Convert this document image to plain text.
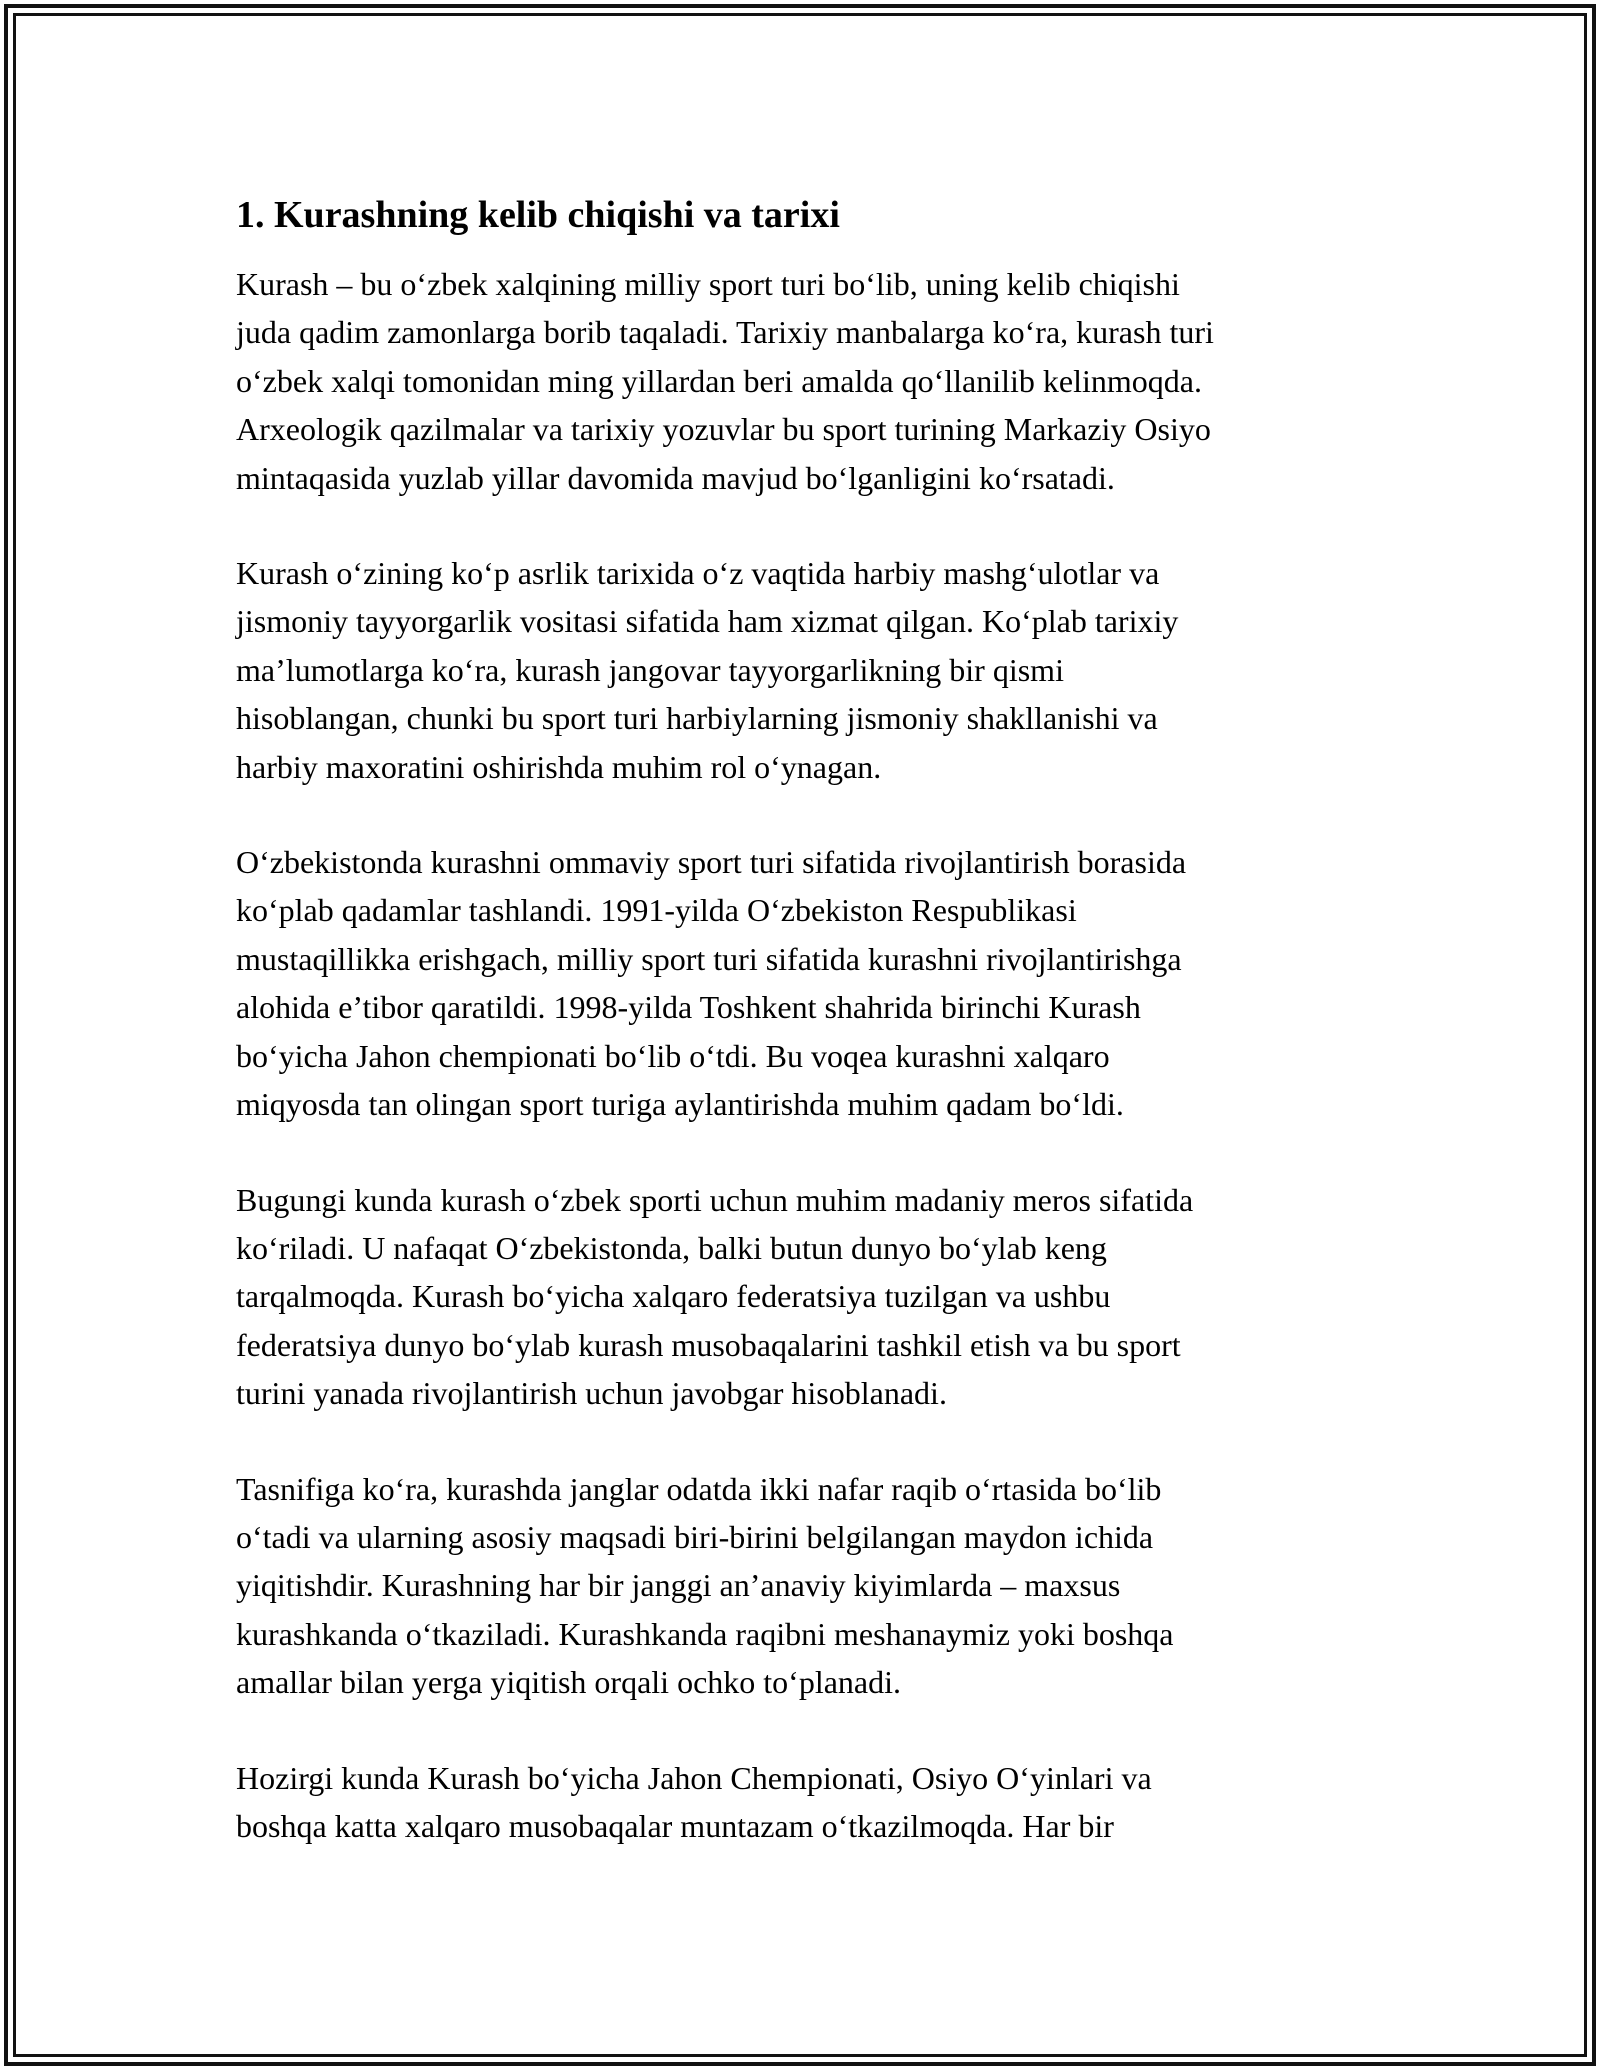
1. Kurashning kelib chiqishi va tarixi

Kurash – bu o‘zbek xalqining milliy sport turi bo‘lib, uning kelib chiqishi
juda qadim zamonlarga borib taqaladi. Tarixiy manbalarga ko‘ra, kurash turi
o‘zbek xalqi tomonidan ming yillardan beri amalda qo‘llanilib kelinmoqda.
Arxeologik qazilmalar va tarixiy yozuvlar bu sport turining Markaziy Osiyo
mintaqasida yuzlab yillar davomida mavjud bo‘lganligini ko‘rsatadi.

Kurash o‘zining ko‘p asrlik tarixida o‘z vaqtida harbiy mashg‘ulotlar va
jismoniy tayyorgarlik vositasi sifatida ham xizmat qilgan. Ko‘plab tarixiy
ma’lumotlarga ko‘ra, kurash jangovar tayyorgarlikning bir qismi
hisoblangan, chunki bu sport turi harbiylarning jismoniy shakllanishi va
harbiy maxoratini oshirishda muhim rol o‘ynagan.

O‘zbekistonda kurashni ommaviy sport turi sifatida rivojlantirish borasida
ko‘plab qadamlar tashlandi. 1991-yilda O‘zbekiston Respublikasi
mustaqillikka erishgach, milliy sport turi sifatida kurashni rivojlantirishga
alohida e’tibor qaratildi. 1998-yilda Toshkent shahrida birinchi Kurash
bo‘yicha Jahon chempionati bo‘lib o‘tdi. Bu voqea kurashni xalqaro
miqyosda tan olingan sport turiga aylantirishda muhim qadam bo‘ldi.

Bugungi kunda kurash o‘zbek sporti uchun muhim madaniy meros sifatida
ko‘riladi. U nafaqat O‘zbekistonda, balki butun dunyo bo‘ylab keng
tarqalmoqda. Kurash bo‘yicha xalqaro federatsiya tuzilgan va ushbu
federatsiya dunyo bo‘ylab kurash musobaqalarini tashkil etish va bu sport
turini yanada rivojlantirish uchun javobgar hisoblanadi.

Tasnifiga ko‘ra, kurashda janglar odatda ikki nafar raqib o‘rtasida bo‘lib
o‘tadi va ularning asosiy maqsadi biri-birini belgilangan maydon ichida
yiqitishdir. Kurashning har bir janggi an’anaviy kiyimlarda – maxsus
kurashkanda o‘tkaziladi. Kurashkanda raqibni meshanaymiz yoki boshqa
amallar bilan yerga yiqitish orqali ochko to‘planadi.

Hozirgi kunda Kurash bo‘yicha Jahon Chempionati, Osiyo O‘yinlari va
boshqa katta xalqaro musobaqalar muntazam o‘tkazilmoqda. Har bir
